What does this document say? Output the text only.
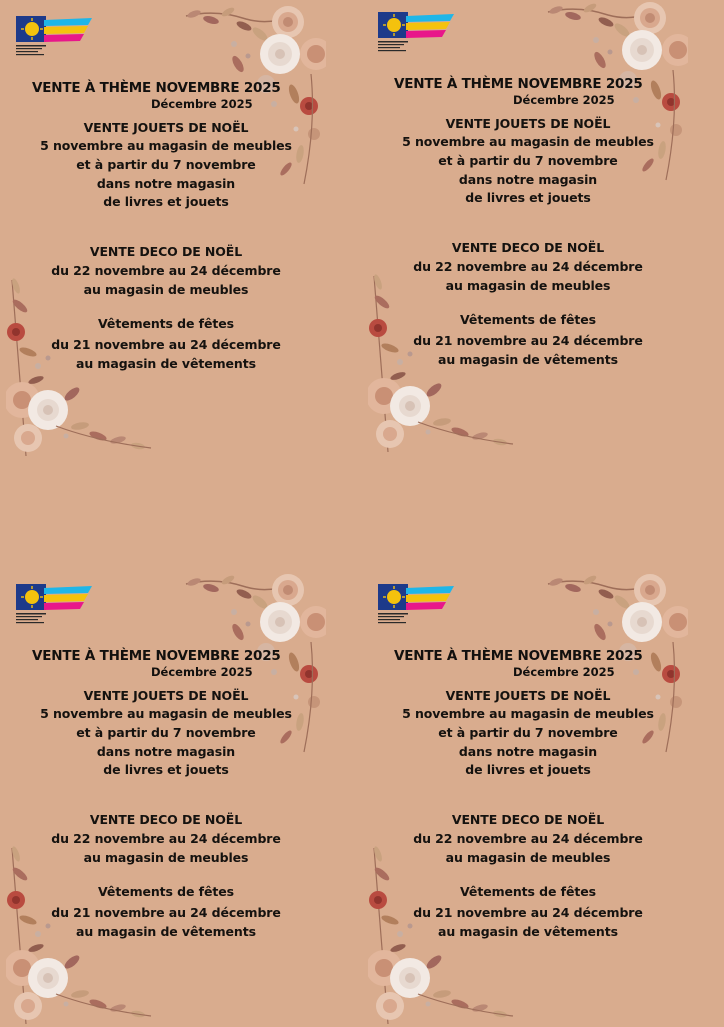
VENTE À THÈME NOVEMBRE 2025
Décembre 2025
VENTE JOUETS DE NOËL
5 novembre au magasin de meubles
et à partir du 7 novembre
dans notre magasin
de livres et jouets
VENTE DECO DE NOËL
du 22 novembre au 24 décembre
au magasin de meubles
Vêtements de fêtes
du 21 novembre au 24 décembre
au magasin de vêtements
VENTE À THÈME NOVEMBRE 2025
Décembre 2025
VENTE JOUETS DE NOËL
5 novembre au magasin de meubles
et à partir du 7 novembre
dans notre magasin
de livres et jouets
VENTE DECO DE NOËL
du 22 novembre au 24 décembre
au magasin de meubles
Vêtements de fêtes
du 21 novembre au 24 décembre
au magasin de vêtements
VENTE À THÈME NOVEMBRE 2025
Décembre 2025
VENTE JOUETS DE NOËL
5 novembre au magasin de meubles
et à partir du 7 novembre
dans notre magasin
de livres et jouets
VENTE DECO DE NOËL
du 22 novembre au 24 décembre
au magasin de meubles
Vêtements de fêtes
du 21 novembre au 24 décembre
au magasin de vêtements
VENTE À THÈME NOVEMBRE 2025
Décembre 2025
VENTE JOUETS DE NOËL
5 novembre au magasin de meubles
et à partir du 7 novembre
dans notre magasin
de livres et jouets
VENTE DECO DE NOËL
du 22 novembre au 24 décembre
au magasin de meubles
Vêtements de fêtes
du 21 novembre au 24 décembre
au magasin de vêtements
